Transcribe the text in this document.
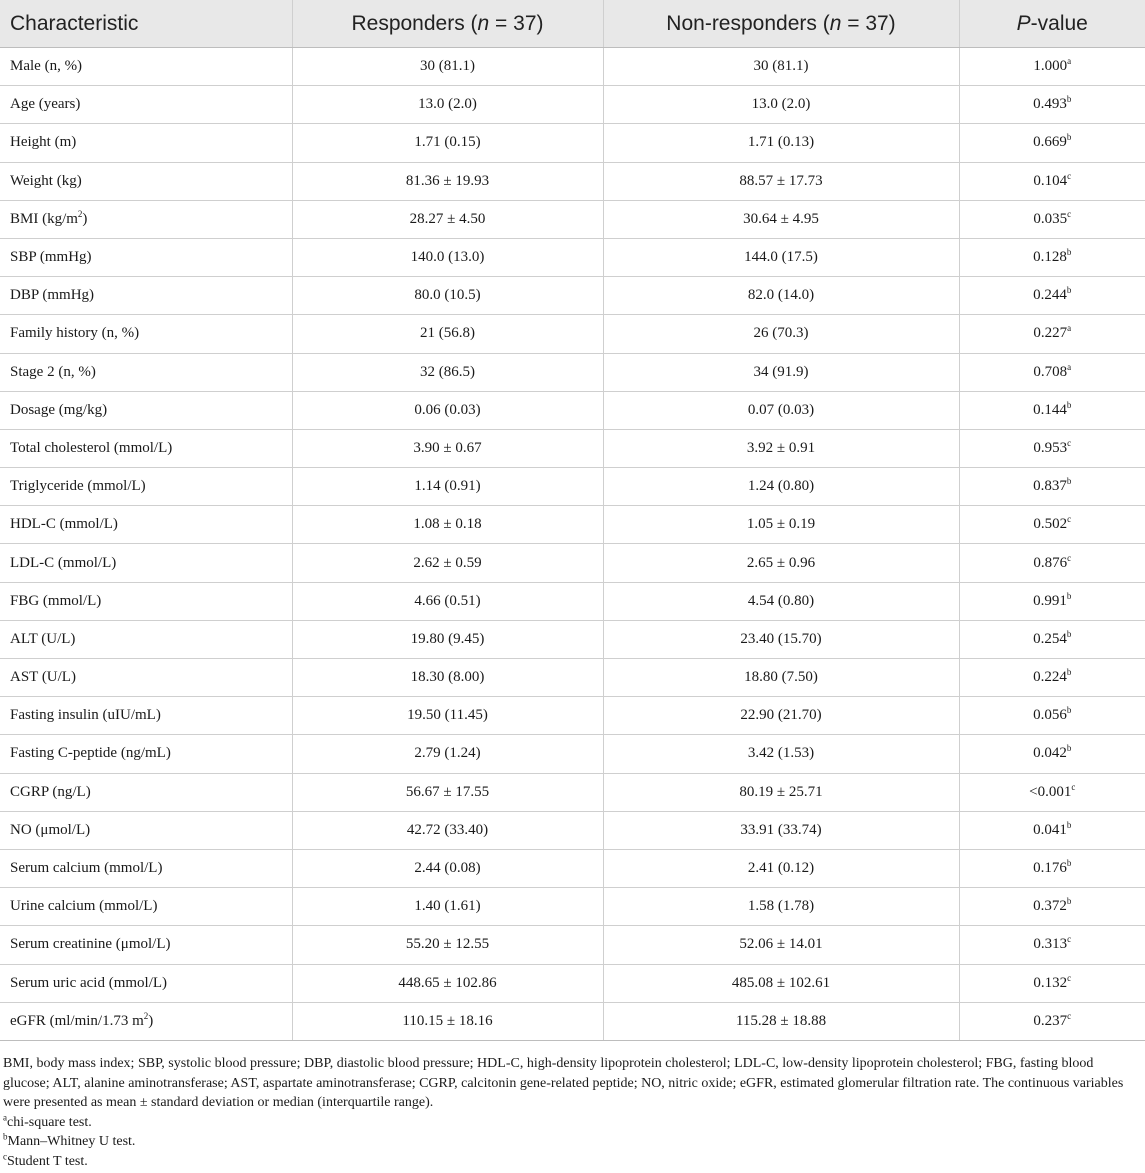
Characteristic	Responders (n = 37)	Non-responders (n = 37)	P-value
Male (n, %)	30 (81.1)	30 (81.1)	1.000$^a$
Age (years)	13.0 (2.0)	13.0 (2.0)	0.493$^b$
Height (m)	1.71 (0.15)	1.71 (0.13)	0.669$^b$
Weight (kg)	81.36 ± 19.93	88.57 ± 17.73	0.104$^c$
BMI $(kg/m^2)$	28.27 ± 4.50	30.64 ± 4.95	0.035$^c$
SBP (mmHg)	140.0 (13.0)	144.0 (17.5)	0.128$^b$
DBP (mmHg)	80.0 (10.5)	82.0 (14.0)	0.244$^b$
Family history (n, %)	21 (56.8)	26 (70.3)	0.227$^a$
Stage 2 (n, %)	32 (86.5)	34 (91.9)	0.708$^a$
Dosage (mg/kg)	0.06 (0.03)	0.07 (0.03)	0.144$^b$
Total cholesterol (mmol/L)	3.90 ± 0.67	3.92 ± 0.91	0.953$^c$
Triglyceride (mmol/L)	1.14 (0.91)	1.24 (0.80)	0.837$^b$
HDL-C (mmol/L)	1.08 ± 0.18	1.05 ± 0.19	0.502$^c$
LDL-C (mmol/L)	2.62 ± 0.59	2.65 ± 0.96	0.876$^c$
FBG (mmol/L)	4.66 (0.51)	4.54 (0.80)	0.991$^b$
ALT (U/L)	19.80 (9.45)	23.40 (15.70)	0.254$^b$
AST (U/L)	18.30 (8.00)	18.80 (7.50)	0.224$^b$
Fasting insulin (uIU/mL)	19.50 (11.45)	22.90 (21.70)	0.056$^b$
Fasting C-peptide (ng/mL)	2.79 (1.24)	3.42 (1.53)	0.042$^b$
CGRP (ng/L)	56.67 ± 17.55	80.19 ± 25.71	<0.001$^c$
NO (μmol/L)	42.72 (33.40)	33.91 (33.74)	0.041$^b$
Serum calcium (mmol/L)	2.44 (0.08)	2.41 (0.12)	0.176$^b$
Urine calcium (mmol/L)	1.40 (1.61)	1.58 (1.78)	0.372$^b$
Serum creatinine (μmol/L)	55.20 ± 12.55	52.06 ± 14.01	0.313$^c$
Serum uric acid (mmol/L)	448.65 ± 102.86	485.08 ± 102.61	0.132$^c$
eGFR (ml/min/1.73 $m^2$)	110.15 ± 18.16	115.28 ± 18.88	0.237$^c$

BMI, body mass index; SBP, systolic blood pressure; DBP, diastolic blood pressure; HDL-C, high-density lipoprotein cholesterol; LDL-C, low-density lipoprotein cholesterol; FBG, fasting blood glucose; ALT, alanine aminotransferase; AST, aspartate aminotransferase; CGRP, calcitonin gene-related peptide; NO, nitric oxide; eGFR, estimated glomerular filtration rate. The continuous variables were presented as mean ± standard deviation or median (interquartile range).

$^a$chi-square test.

$^b$Mann–Whitney U test.

$^c$Student T test.
